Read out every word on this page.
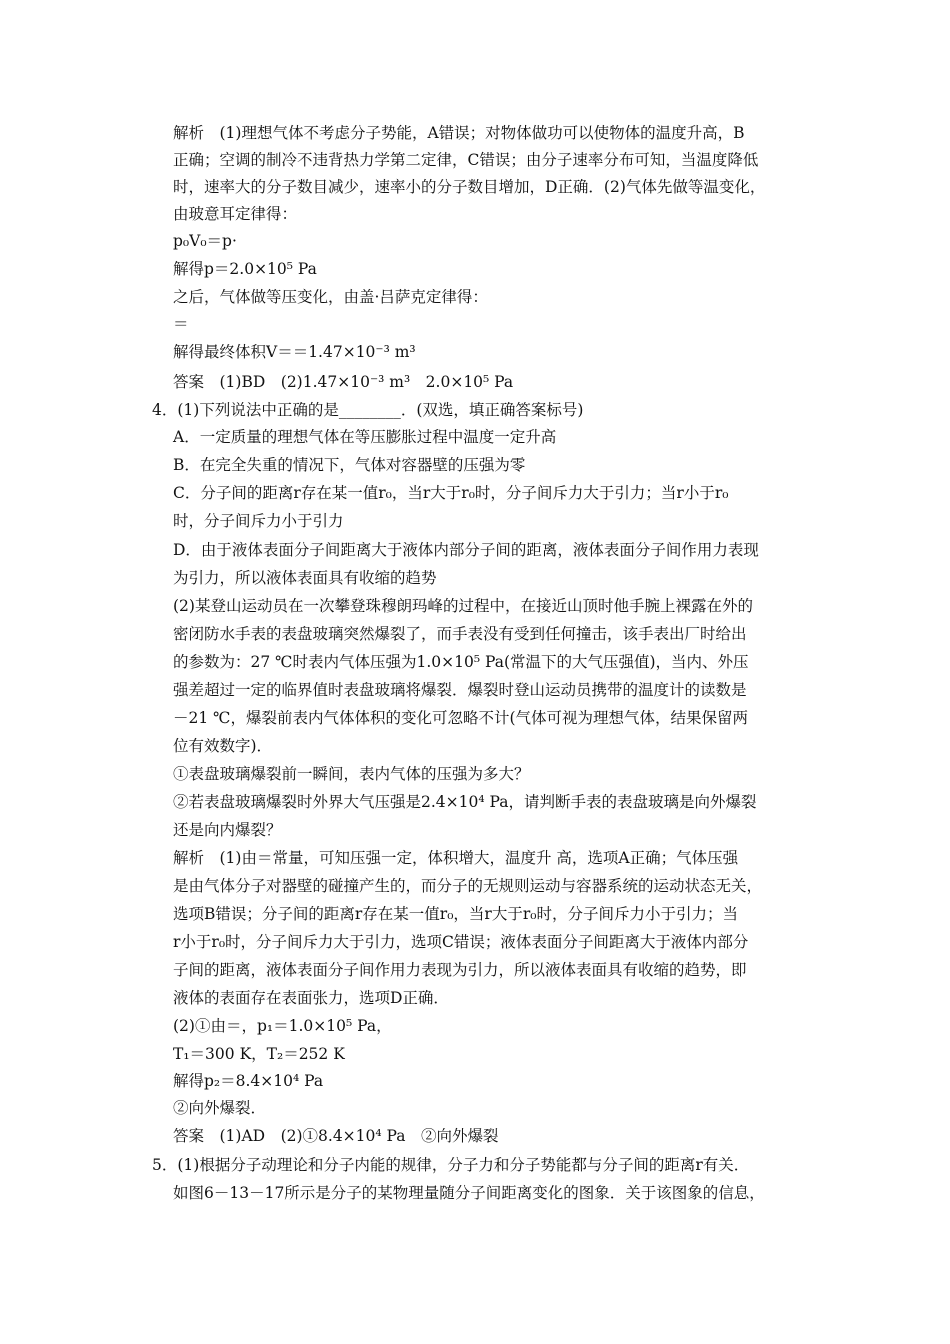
解析　(1)理想气体不考虑分子势能，A错误；对物体做功可以使物体的温度升高，B
正确；空调的制冷不违背热力学第二定律，C错误；由分子速率分布可知，当温度降低
时，速率大的分子数目减少，速率小的分子数目增加，D正确．(2)气体先做等温变化，
由玻意耳定律得：
p₀V₀＝p·
解得p＝2.0×10⁵ Pa
之后，气体做等压变化，由盖·吕萨克定律得：
＝
解得最终体积V＝＝1.47×10⁻³ m³
答案　(1)BD　(2)1.47×10⁻³ m³　2.0×10⁵ Pa
4．(1)下列说法中正确的是________．(双选，填正确答案标号)
A．一定质量的理想气体在等压膨胀过程中温度一定升高
B．在完全失重的情况下，气体对容器壁的压强为零
C．分子间的距离r存在某一值r₀，当r大于r₀时，分子间斥力大于引力；当r小于r₀
时，分子间斥力小于引力
D．由于液体表面分子间距离大于液体内部分子间的距离，液体表面分子间作用力表现
为引力，所以液体表面具有收缩的趋势
(2)某登山运动员在一次攀登珠穆朗玛峰的过程中，在接近山顶时他手腕上裸露在外的
密闭防水手表的表盘玻璃突然爆裂了，而手表没有受到任何撞击，该手表出厂时给出
的参数为：27 ℃时表内气体压强为1.0×10⁵ Pa(常温下的大气压强值)，当内、外压
强差超过一定的临界值时表盘玻璃将爆裂．爆裂时登山运动员携带的温度计的读数是
－21 ℃，爆裂前表内气体体积的变化可忽略不计(气体可视为理想气体，结果保留两
位有效数字)．
①表盘玻璃爆裂前一瞬间，表内气体的压强为多大？
②若表盘玻璃爆裂时外界大气压强是2.4×10⁴ Pa，请判断手表的表盘玻璃是向外爆裂
还是向内爆裂？
解析　(1)由＝常量，可知压强一定，体积增大，温度升 高，选项A正确；气体压强
是由气体分子对器壁的碰撞产生的，而分子的无规则运动与容器系统的运动状态无关，
选项B错误；分子间的距离r存在某一值r₀，当r大于r₀时，分子间斥力小于引力；当
r小于r₀时，分子间斥力大于引力，选项C错误；液体表面分子间距离大于液体内部分
子间的距离，液体表面分子间作用力表现为引力，所以液体表面具有收缩的趋势，即
液体的表面存在表面张力，选项D正确．
(2)①由＝，p₁＝1.0×10⁵ Pa，
T₁＝300 K，T₂＝252 K
解得p₂＝8.4×10⁴ Pa
②向外爆裂．
答案　(1)AD　(2)①8.4×10⁴ Pa　②向外爆裂
5．(1)根据分子动理论和分子内能的规律，分子力和分子势能都与分子间的距离r有关．
如图6－13－17所示是分子的某物理量随分子间距离变化的图象．关于该图象的信息，
